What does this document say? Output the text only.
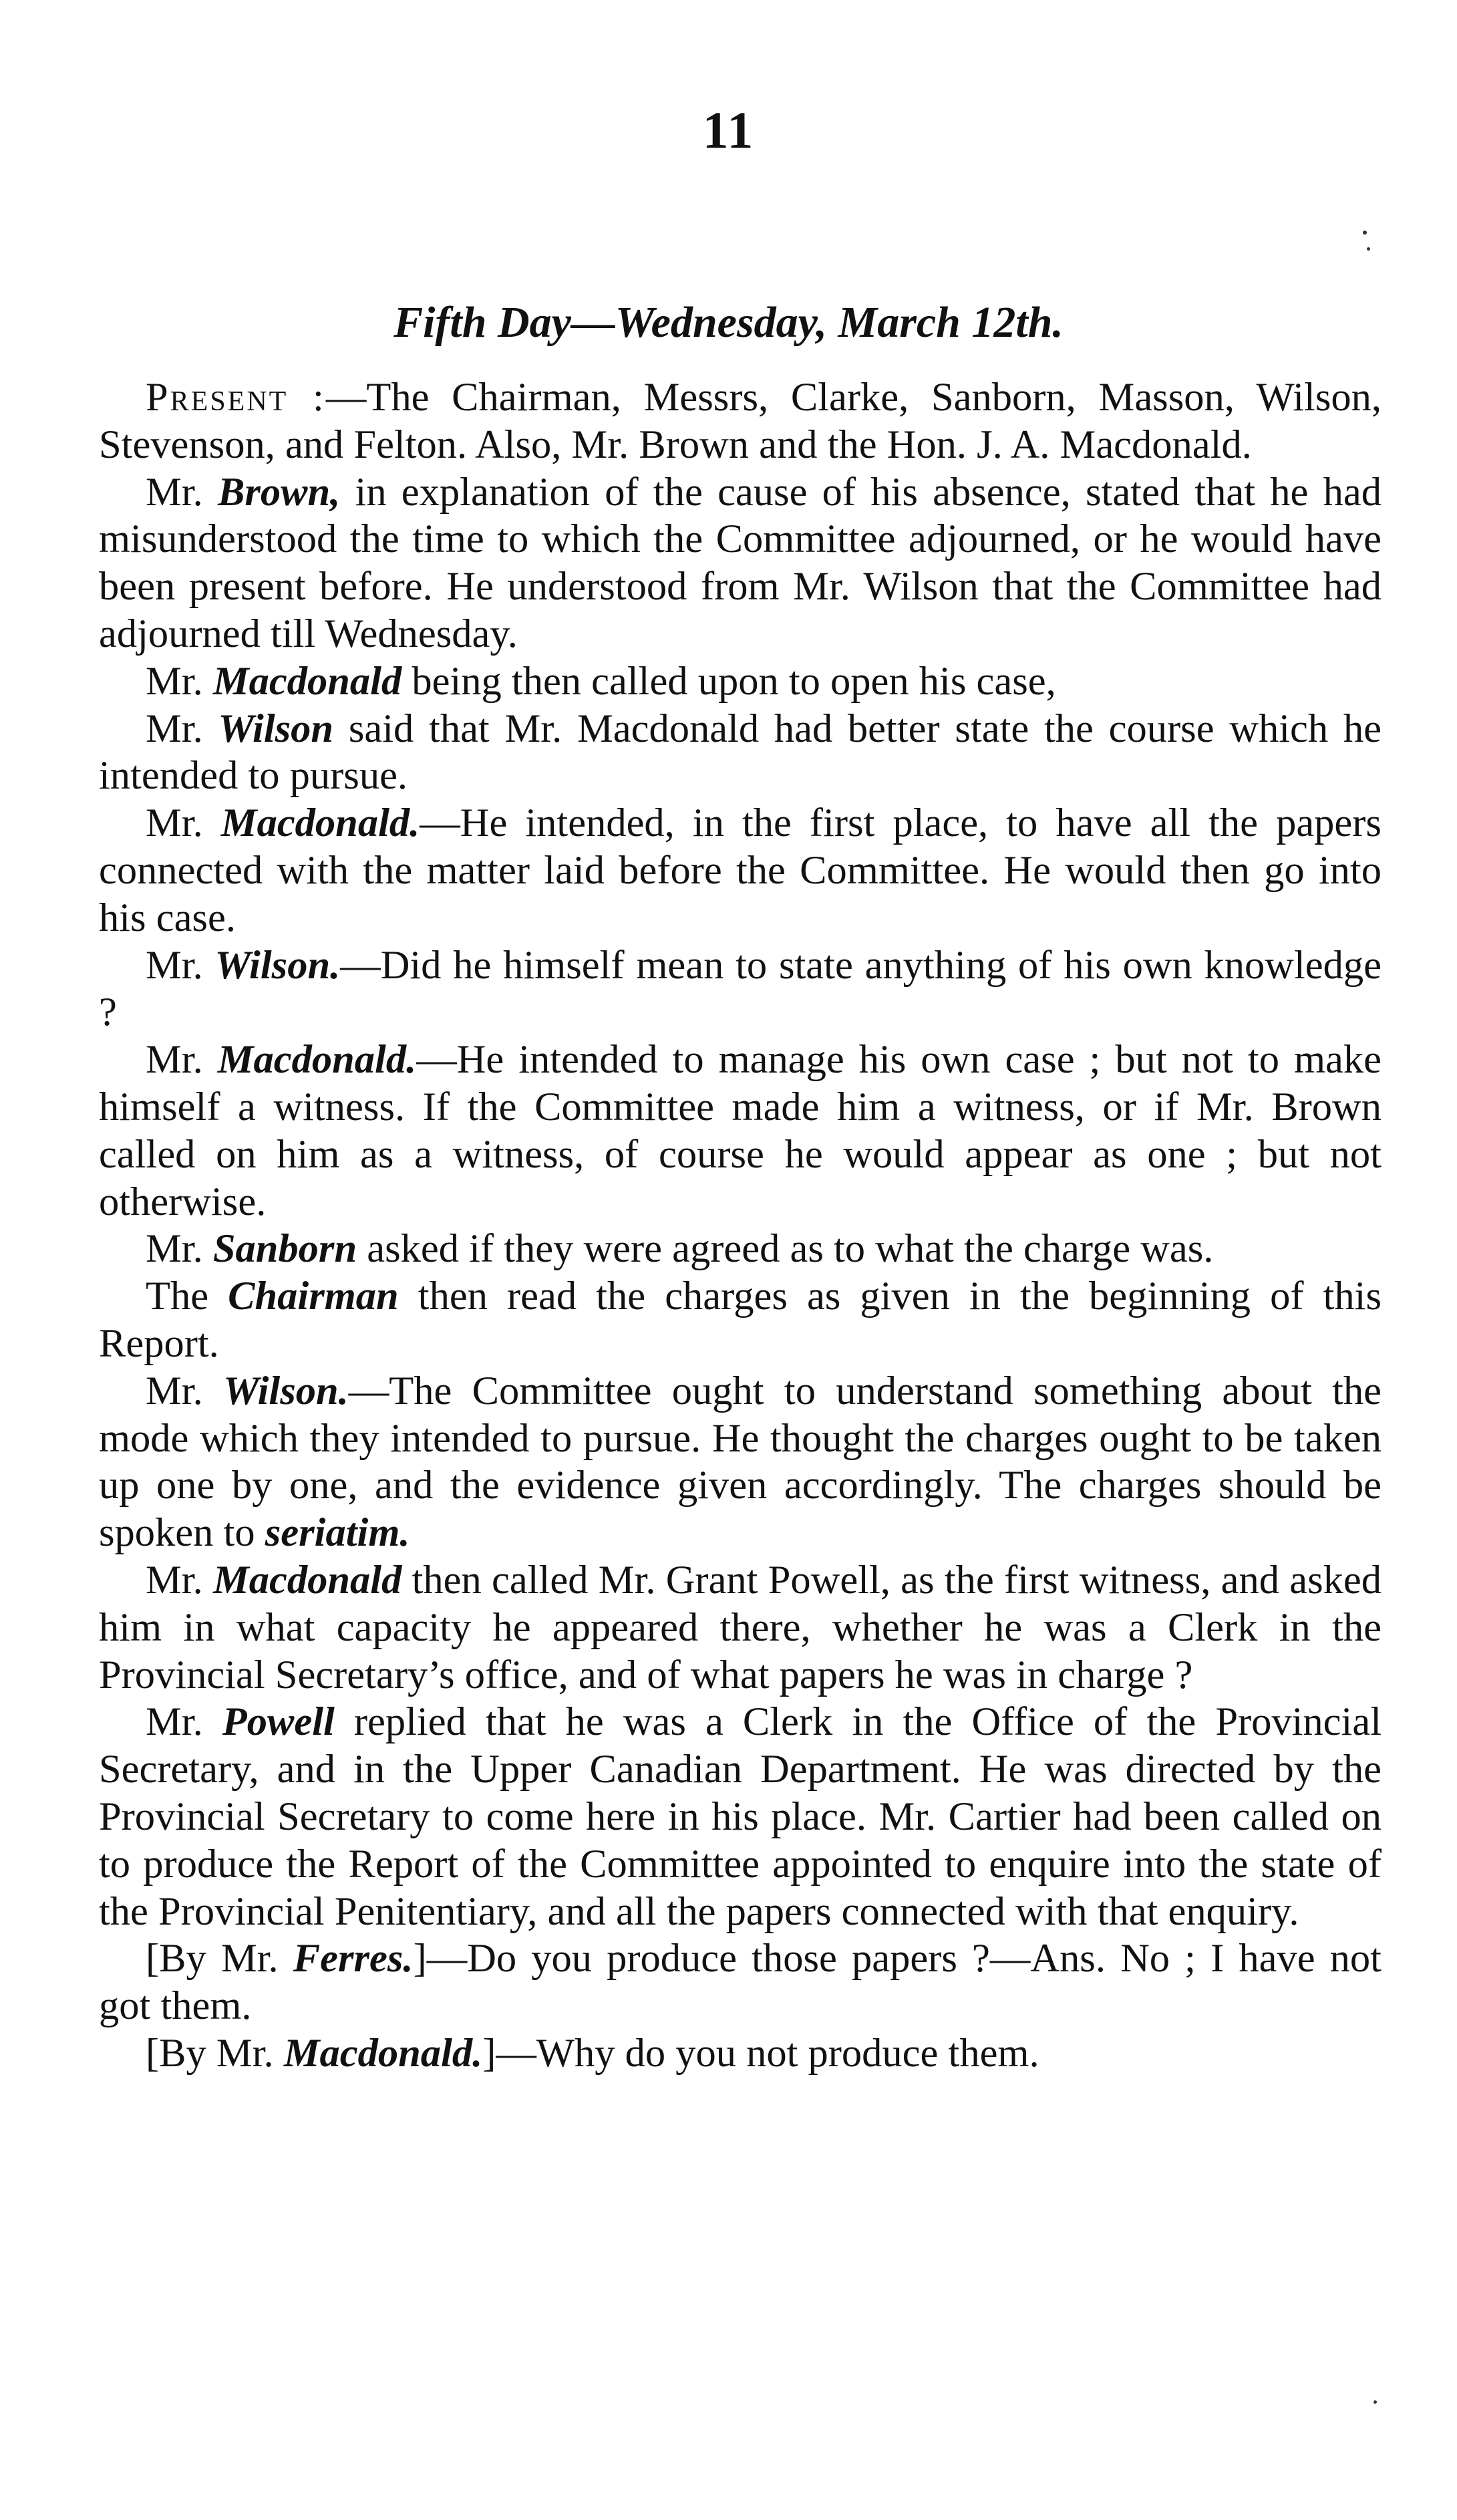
11
Fifth Day—Wednesday, March 12th.

Present :—The Chairman, Messrs, Clarke, Sanborn, Masson, Wilson, Stevenson, and Felton. Also, Mr. Brown and the Hon. J. A. Macdonald.

Mr. Brown, in explanation of the cause of his absence, stated that he had misunderstood the time to which the Committee adjourned, or he would have been present before. He understood from Mr. Wilson that the Committee had adjourned till Wednesday.

Mr. Macdonald being then called upon to open his case,

Mr. Wilson said that Mr. Macdonald had better state the course which he intended to pursue.

Mr. Macdonald.—He intended, in the first place, to have all the papers connected with the matter laid before the Committee. He would then go into his case.

Mr. Wilson.—Did he himself mean to state anything of his own knowledge ?

Mr. Macdonald.—He intended to manage his own case ; but not to make himself a witness. If the Committee made him a witness, or if Mr. Brown called on him as a witness, of course he would appear as one ; but not otherwise.

Mr. Sanborn asked if they were agreed as to what the charge was.

The Chairman then read the charges as given in the beginning of this Report.

Mr. Wilson.—The Committee ought to understand something about the mode which they intended to pursue. He thought the charges ought to be taken up one by one, and the evidence given accordingly. The charges should be spoken to seriatim.

Mr. Macdonald then called Mr. Grant Powell, as the first witness, and asked him in what capacity he appeared there, whether he was a Clerk in the Provincial Secretary’s office, and of what papers he was in charge ?

Mr. Powell replied that he was a Clerk in the Office of the Provincial Secretary, and in the Upper Canadian Department. He was directed by the Provincial Secretary to come here in his place. Mr. Cartier had been called on to produce the Report of the Committee appointed to enquire into the state of the Provincial Penitentiary, and all the papers connected with that enquiry.

[By Mr. Ferres.]—Do you produce those papers ?—Ans. No ; I have not got them.

[By Mr. Macdonald.]—Why do you not produce them.
